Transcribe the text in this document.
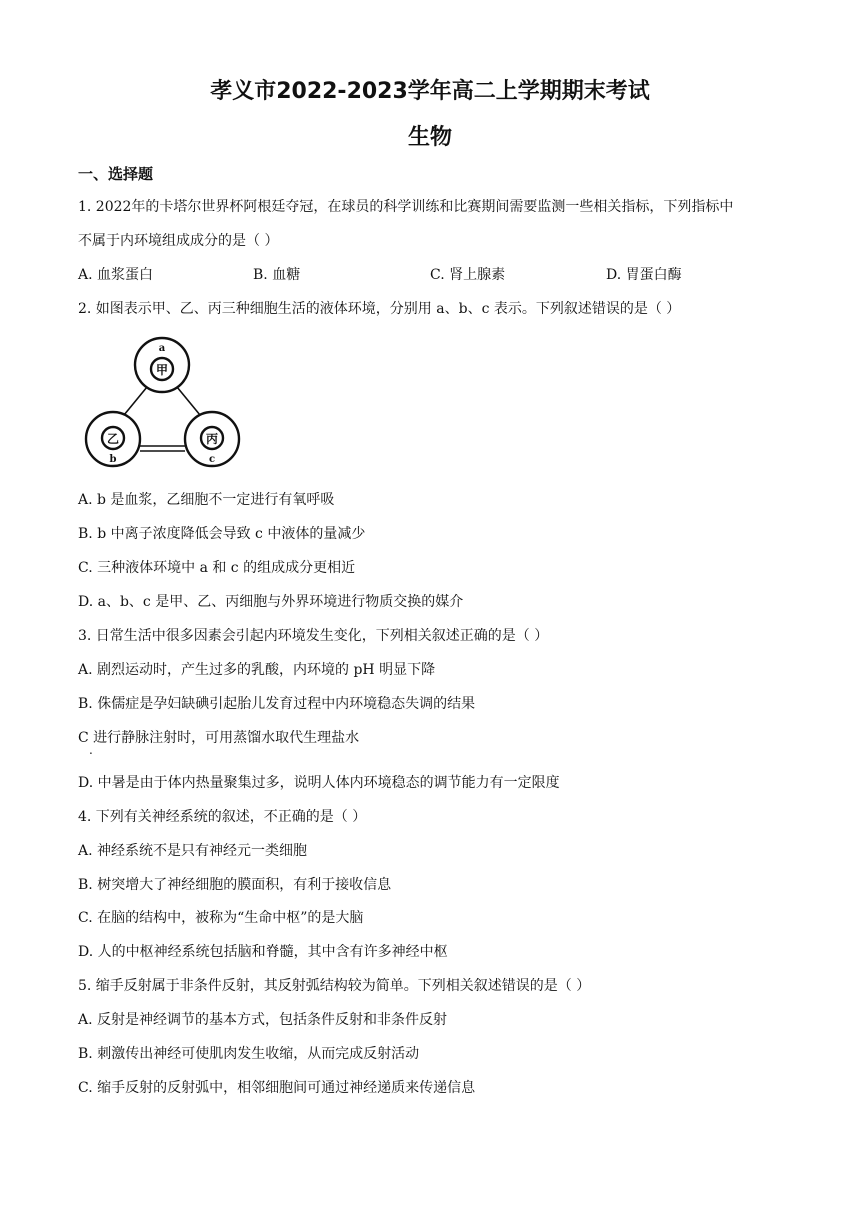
孝义市2022-2023学年高二上学期期末考试
生物
一、选择题
1. 2022年的卡塔尔世界杯阿根廷夺冠，在球员的科学训练和比赛期间需要监测一些相关指标，下列指标中
不属于内环境组成成分的是（ ）
A. 血浆蛋白	B. 血糖	C. 肾上腺素	D. 胃蛋白酶
2. 如图表示甲、乙、丙三种细胞生活的液体环境，分别用 a、b、c 表示。下列叙述错误的是（ ）
a
甲
乙
b
丙
c
A. b 是血浆，乙细胞不一定进行有氧呼吸
B. b 中离子浓度降低会导致 c 中液体的量减少
C. 三种液体环境中 a 和 c 的组成成分更相近
D. a、b、c 是甲、乙、丙细胞与外界环境进行物质交换的媒介
3. 日常生活中很多因素会引起内环境发生变化，下列相关叙述正确的是（ ）
A. 剧烈运动时，产生过多的乳酸，内环境的 pH 明显下降
B. 侏儒症是孕妇缺碘引起胎儿发育过程中内环境稳态失调的结果
C 进行静脉注射时，可用蒸馏水取代生理盐水
.
D. 中暑是由于体内热量聚集过多，说明人体内环境稳态的调节能力有一定限度
4. 下列有关神经系统的叙述，不正确的是（ ）
A. 神经系统不是只有神经元一类细胞
B. 树突增大了神经细胞的膜面积，有利于接收信息
C. 在脑的结构中，被称为“生命中枢”的是大脑
D. 人的中枢神经系统包括脑和脊髓，其中含有许多神经中枢
5. 缩手反射属于非条件反射，其反射弧结构较为简单。下列相关叙述错误的是（ ）
A. 反射是神经调节的基本方式，包括条件反射和非条件反射
B. 刺激传出神经可使肌肉发生收缩，从而完成反射活动
C. 缩手反射的反射弧中，相邻细胞间可通过神经递质来传递信息
